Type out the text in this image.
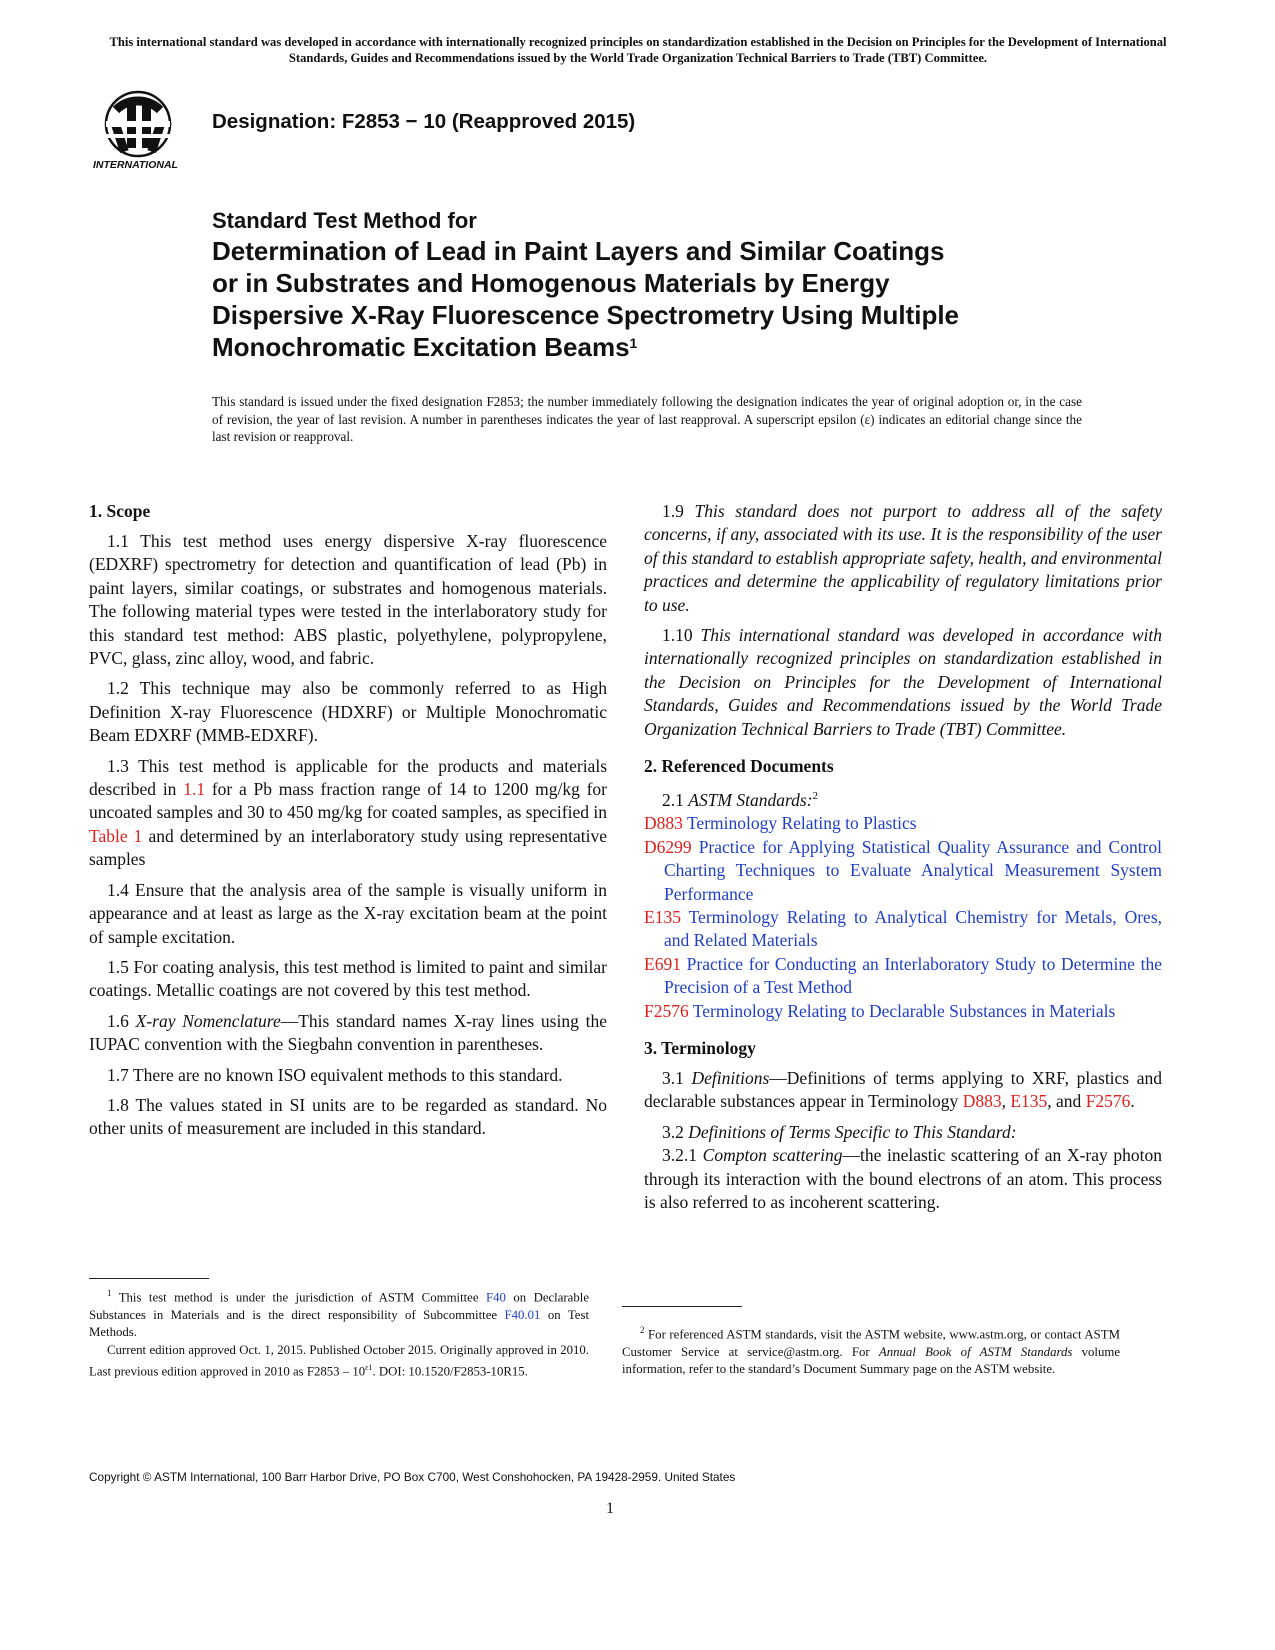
This international standard was developed in accordance with internationally recognized principles on standardization established in the Decision on Principles for the Development of International Standards, Guides and Recommendations issued by the World Trade Organization Technical Barriers to Trade (TBT) Committee.
INTERNATIONAL
Designation: F2853 − 10 (Reapproved 2015)
Standard Test Method for
Determination of Lead in Paint Layers and Similar Coatings
or in Substrates and Homogenous Materials by Energy
Dispersive X-Ray Fluorescence Spectrometry Using Multiple
Monochromatic Excitation Beams$^1$
This standard is issued under the fixed designation F2853; the number immediately following the designation indicates the year of original adoption or, in the case of revision, the year of last revision. A number in parentheses indicates the year of last reapproval. A superscript epsilon (ε) indicates an editorial change since the last revision or reapproval.
1. Scope

1.1 This test method uses energy dispersive X-ray fluorescence (EDXRF) spectrometry for detection and quantification of lead (Pb) in paint layers, similar coatings, or substrates and homogenous materials. The following material types were tested in the interlaboratory study for this standard test method: ABS plastic, polyethylene, polypropylene, PVC, glass, zinc alloy, wood, and fabric.

1.2 This technique may also be commonly referred to as High Definition X-ray Fluorescence (HDXRF) or Multiple Monochromatic Beam EDXRF (MMB-EDXRF).

1.3 This test method is applicable for the products and materials described in 1.1 for a Pb mass fraction range of 14 to 1200 mg/kg for uncoated samples and 30 to 450 mg/kg for coated samples, as specified in Table 1 and determined by an interlaboratory study using representative samples

1.4 Ensure that the analysis area of the sample is visually uniform in appearance and at least as large as the X-ray excitation beam at the point of sample excitation.

1.5 For coating analysis, this test method is limited to paint and similar coatings. Metallic coatings are not covered by this test method.

1.6 X-ray Nomenclature—This standard names X-ray lines using the IUPAC convention with the Siegbahn convention in parentheses.

1.7 There are no known ISO equivalent methods to this standard.

1.8 The values stated in SI units are to be regarded as standard. No other units of measurement are included in this standard.

1.9 This standard does not purport to address all of the safety concerns, if any, associated with its use. It is the responsibility of the user of this standard to establish appropriate safety, health, and environmental practices and determine the applicability of regulatory limitations prior to use.

1.10 This international standard was developed in accordance with internationally recognized principles on standardization established in the Decision on Principles for the Development of International Standards, Guides and Recommendations issued by the World Trade Organization Technical Barriers to Trade (TBT) Committee.

2. Referenced Documents

2.1 ASTM Standards:$^2$

D883 Terminology Relating to Plastics
D6299 Practice for Applying Statistical Quality Assurance and Control Charting Techniques to Evaluate Analytical Measurement System Performance
E135 Terminology Relating to Analytical Chemistry for Metals, Ores, and Related Materials
E691 Practice for Conducting an Interlaboratory Study to Determine the Precision of a Test Method
F2576 Terminology Relating to Declarable Substances in Materials
3. Terminology

3.1 Definitions—Definitions of terms applying to XRF, plastics and declarable substances appear in Terminology D883, E135, and F2576.

3.2 Definitions of Terms Specific to This Standard:

3.2.1 Compton scattering—the inelastic scattering of an X-ray photon through its interaction with the bound electrons of an atom. This process is also referred to as incoherent scattering.

$^1$ This test method is under the jurisdiction of ASTM Committee F40 on Declarable Substances in Materials and is the direct responsibility of Subcommittee F40.01 on Test Methods.

Current edition approved Oct. 1, 2015. Published October 2015. Originally approved in 2010. Last previous edition approved in 2010 as $F2853 - 10^{\varepsilon 1}$. DOI: 10.1520/F2853-10R15.

$^2$ For referenced ASTM standards, visit the ASTM website, www.astm.org, or contact ASTM Customer Service at service@astm.org. For Annual Book of ASTM Standards volume information, refer to the standard’s Document Summary page on the ASTM website.

Copyright © ASTM International, 100 Barr Harbor Drive, PO Box C700, West Conshohocken, PA 19428-2959. United States
1
